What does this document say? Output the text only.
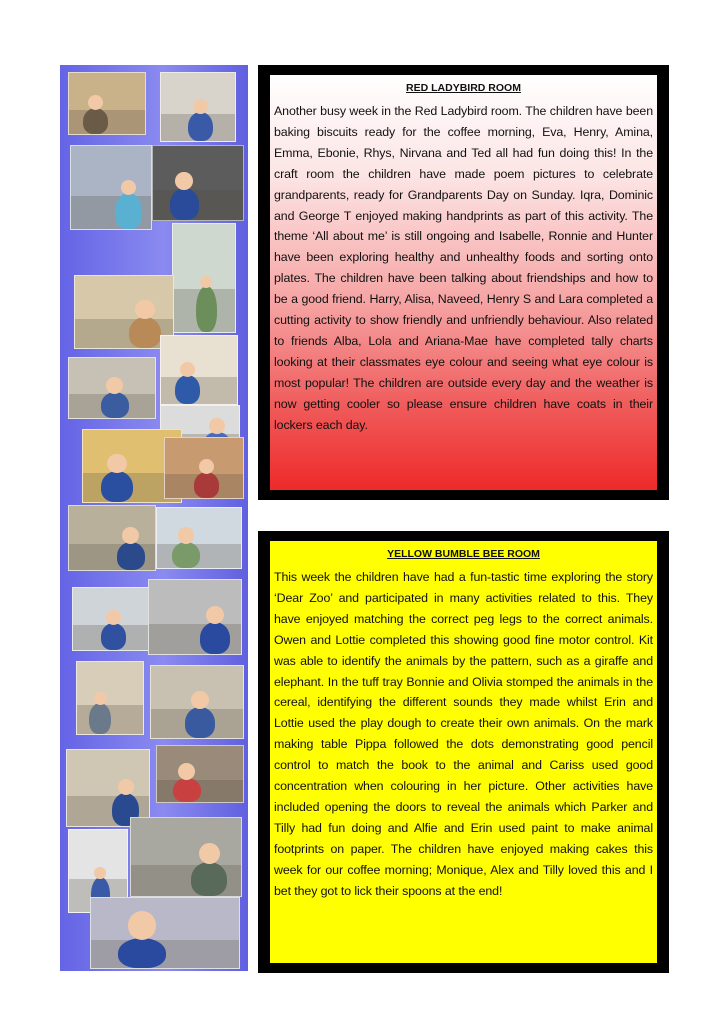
RED LADYBIRD ROOM

Another busy week in the Red Ladybird room. The children have been baking biscuits ready for the coffee morning, Eva, Henry, Amina, Emma, Ebonie, Rhys, Nirvana and Ted all had fun doing this! In the craft room the children have made poem pictures to celebrate grandparents, ready for Grandparents Day on Sunday. Iqra, Dominic and George T enjoyed making handprints as part of this activity. The theme ‘All about me’ is still ongoing and Isabelle, Ronnie and Hunter have been exploring healthy and unhealthy foods and sorting onto plates. The children have been talking about friendships and how to be a good friend. Harry, Alisa, Naveed, Henry S and Lara completed a cutting activity to show friendly and unfriendly behaviour. Also related to friends Alba, Lola and Ariana-Mae have completed tally charts looking at their classmates eye colour and seeing what eye colour is most popular! The children are outside every day and the weather is now getting cooler so please ensure children have coats in their lockers each day.

YELLOW BUMBLE BEE ROOM

This week the children have had a fun-tastic time exploring the story ‘Dear Zoo’ and participated in many activities related to this. They have enjoyed matching the correct peg legs to the correct animals. Owen and Lottie completed this showing good fine motor control. Kit was able to identify the animals by the pattern, such as a giraffe and elephant. In the tuff tray Bonnie and Olivia stomped the animals in the cereal, identifying the different sounds they made whilst Erin and Lottie used the play dough to create their own animals. On the mark making table Pippa followed the dots demonstrating good pencil control to match the book to the animal and Cariss used good concentration when colouring in her picture. Other activities have included opening the doors to reveal the animals which Parker and Tilly had fun doing and Alfie and Erin used paint to make animal footprints on paper. The children have enjoyed making cakes this week for our coffee morning; Monique, Alex and Tilly loved this and I bet they got to lick their spoons at the end!
